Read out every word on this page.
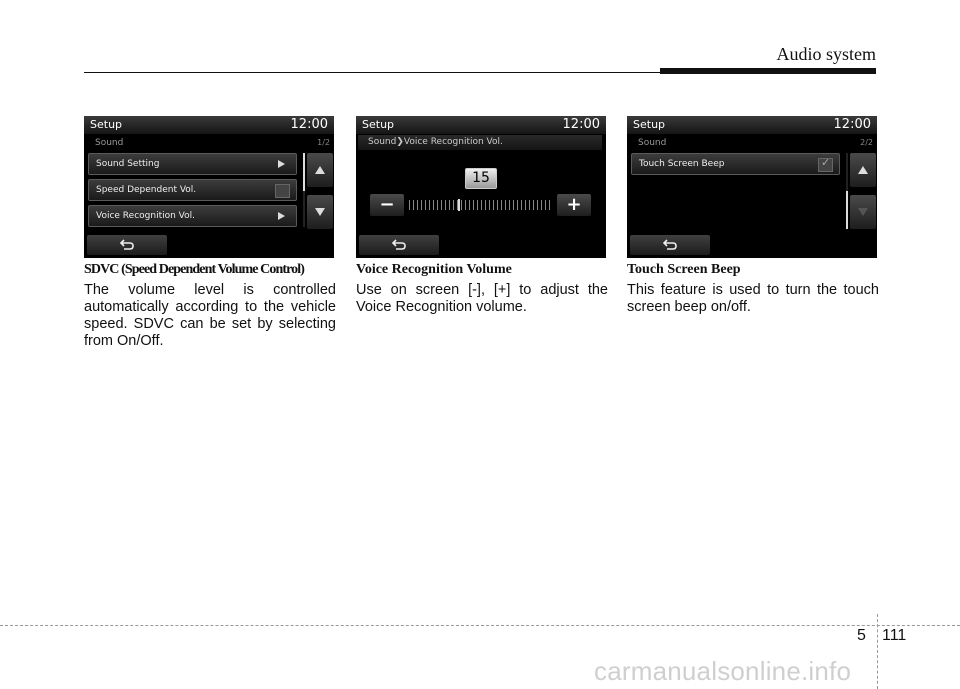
Audio system
Setup	12:00
Sound	1/2
Sound Setting
Speed Dependent Vol.
Voice Recognition Vol.
Setup	12:00
Sound❯Voice Recognition Vol.
15
−	+
Setup	12:00
Sound	2/2
Touch Screen Beep	✓
SDVC (Speed Dependent Volume Control)
The volume level is controlled automatically according to the vehicle speed. SDVC can be set by selecting from On/Off.
Voice Recognition Volume
Use on screen [-], [+] to adjust the Voice Recognition volume.
Touch Screen Beep
This feature is used to turn the touch screen beep on/off.
5 111
carmanualsonline.info
